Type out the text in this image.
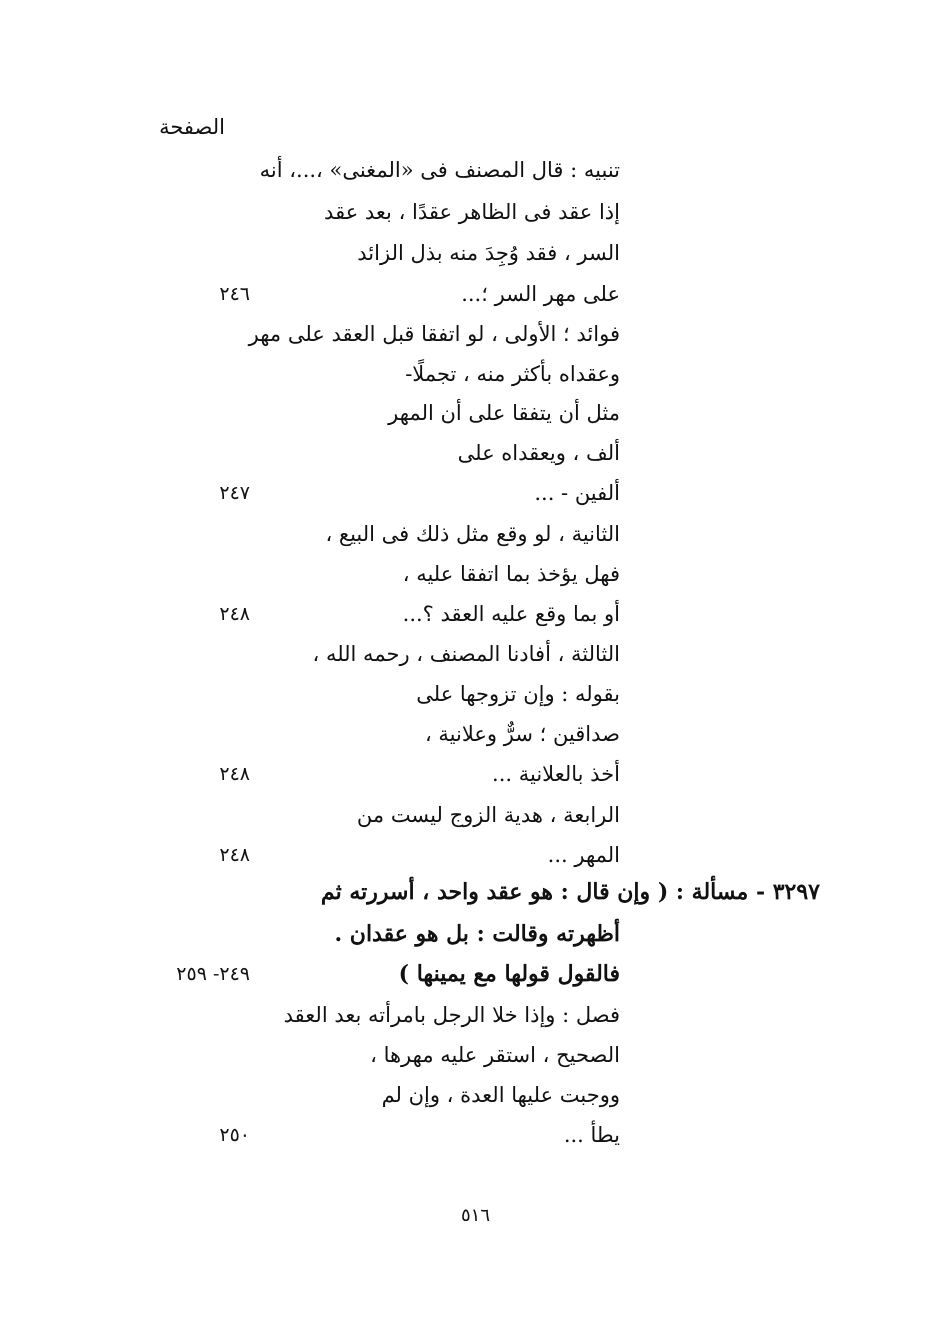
الصفحة
تنبيه : قال المصنف فى «المغنى» ،...، أنه
إذا عقد فى الظاهر عقدًا ، بعد عقد
السر ، فقد وُجِدَ منه بذل الزائد
على مهر السر ؛...
٢٤٦
فوائد ؛ الأولى ، لو اتفقا قبل العقد على مهر
وعقداه بأكثر منه ، تجملًا-
مثل أن يتفقا على أن المهر
ألف ، ويعقداه على
ألفين - ...
٢٤٧
الثانية ، لو وقع مثل ذلك فى البيع ،
فهل يؤخذ بما اتفقا عليه ،
أو بما وقع عليه العقد ؟...
٢٤٨
الثالثة ، أفادنا المصنف ، رحمه الله ،
بقوله : وإن تزوجها على
صداقين ؛ سرٌّ وعلانية ،
أخذ بالعلانية ...
٢٤٨
الرابعة ، هدية الزوج ليست من
المهر ...
٢٤٨
٣٢٩٧ - مسألة : ( وإن قال : هو عقد واحد ، أسررته ثم
أظهرته وقالت : بل هو عقدان .
فالقول قولها مع يمينها )
٢٤٩- ٢٥٩
فصل : وإذا خلا الرجل بامرأته بعد العقد
الصحيح ، استقر عليه مهرها ،
ووجبت عليها العدة ، وإن لم
يطأ ...
٢٥٠
٥١٦
